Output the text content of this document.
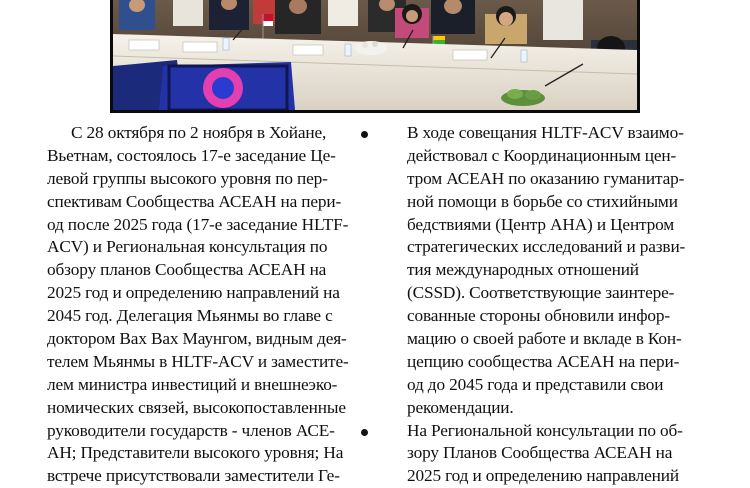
С 28 октября по 2 ноября в Хойане,
Вьетнам, состоялось 17-е заседание Це-
левой группы высокого уровня по пер-
спективам Сообщества АСЕАН на пери-
од после 2025 года (17-е заседание HLTF-
ACV) и Региональная консультация по
обзору планов Сообщества АСЕАН на
2025 год и определению направлений на
2045 год. Делегация Мьянмы во главе с
доктором Вах Вах Маунгом, видным дея-
телем Мьянмы в HLTF-ACV и заместите-
лем министра инвестиций и внешнеэко-
номических связей, высокопоставленные
руководители государств - членов АСЕ-
АН; Представители высокого уровня; На
встрече присутствовали заместители Ге-
В ходе совещания HLTF-ACV взаимо-
действовал с Координационным цен-
тром АСЕАН по оказанию гуманитар-
ной помощи в борьбе со стихийными
бедствиями (Центр АНА) и Центром
стратегических исследований и разви-
тия международных отношений
(CSSD). Соответствующие заинтере-
сованные стороны обновили инфор-
мацию о своей работе и вкладе в Кон-
цепцию сообщества АСЕАН на пери-
од до 2045 года и представили свои
рекомендации.
На Региональной консультации по об-
зору Планов Сообщества АСЕАН на
2025 год и определению направлений
